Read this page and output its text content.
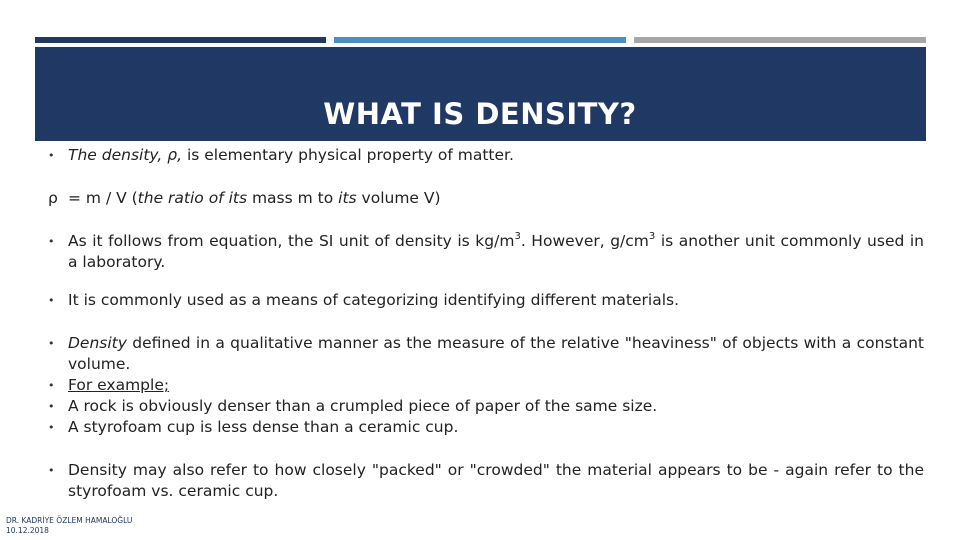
WHAT IS DENSITY?
• The density, ρ, is elementary physical property of matter.
ρ = m / V (the ratio of its mass m to its volume V)
• As it follows from equation, the SI unit of density is $kg/m^3$. However, $g/cm^3$ is another unit commonly used in a laboratory.
• It is commonly used as a means of categorizing identifying different materials.
• Density defined in a qualitative manner as the measure of the relative "heaviness" of objects with a constant volume.
• For example;
• A rock is obviously denser than a crumpled piece of paper of the same size.
• A styrofoam cup is less dense than a ceramic cup.
• Density may also refer to how closely "packed" or "crowded" the material appears to be - again refer to the styrofoam vs. ceramic cup.
DR. KADRİYE ÖZLEM HAMALOĞLU
10.12.2018
